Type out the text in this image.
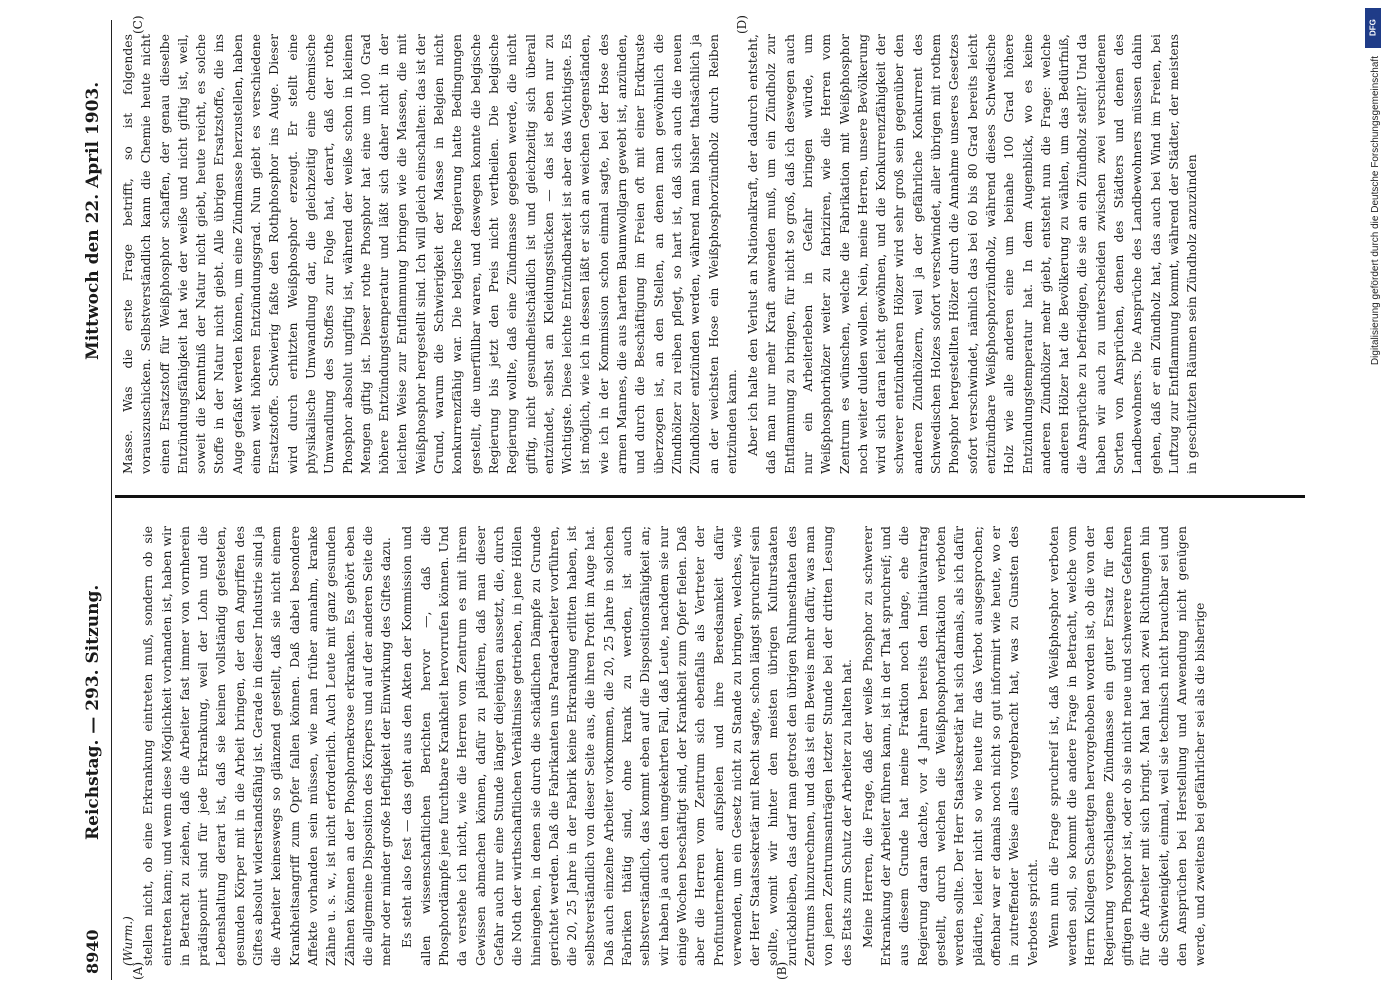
8940
Reichstag. — 293. Sitzung.
Mittwoch den 22. April 1903.
(A)	(B)
(C)	(D)
(Wurm.) stellen nicht, ob eine Erkrankung eintreten muß, sondern ob sie eintreten kann; und wenn diese Möglichkeit vorhanden ist, haben wir in Betracht zu ziehen, daß die Arbeiter fast immer von vornherein prädisponirt sind für jede Erkrankung, weil der Lohn und die Lebenshaltung derart ist, daß sie keinen vollständig gefesteten, gesunden Körper mit in die Arbeit bringen, der den Angriffen des Giftes absolut widerstandsfähig ist. Gerade in dieser Industrie sind ja die Arbeiter keineswegs so glänzend gestellt, daß sie nicht einem Krankheitsangriff zum Opfer fallen können. Daß dabei besondere Affekte vorhanden sein müssen, wie man früher annahm, kranke Zähne u. s. w., ist nicht erforderlich. Auch Leute mit ganz gesunden Zähnen können an der Phosphornekrose erkranken. Es gehört eben die allgemeine Disposition des Körpers und auf der anderen Seite die mehr oder minder große Heftigkeit der Einwirkung des Giftes dazu. Es steht also fest — das geht aus den Akten der Kommission und allen wissenschaftlichen Berichten hervor —, daß die Phosphordämpfe jene furchtbare Krankheit hervorrufen können. Und da verstehe ich nicht, wie die Herren vom Zentrum es mit ihrem Gewissen abmachen können, dafür zu plädiren, daß man dieser Gefahr auch nur eine Stunde länger diejenigen aussetzt, die, durch die Noth der wirthschaftlichen Verhältnisse getrieben, in jene Höllen hineingehen, in denen sie durch die schädlichen Dämpfe zu Grunde gerichtet werden. Daß die Fabrikanten uns Paradearbeiter vorführen, die 20, 25 Jahre in der Fabrik keine Erkrankung erlitten haben, ist selbstverständlich von dieser Seite aus, die ihren Profit im Auge hat. Daß auch einzelne Arbeiter vorkommen, die 20, 25 Jahre in solchen Fabriken thätig sind, ohne krank zu werden, ist auch selbstverständlich, das kommt eben auf die Dispositionsfähigkeit an; wir haben ja auch den umgekehrten Fall, daß Leute, nachdem sie nur einige Wochen beschäftigt sind, der Krankheit zum Opfer fielen. Daß aber die Herren vom Zentrum sich ebenfalls als Vertreter der Profitunternehmer aufspielen und ihre Beredsamkeit dafür verwenden, um ein Gesetz nicht zu Stande zu bringen, welches, wie der Herr Staatssekretär mit Recht sagte, schon längst spruchreif sein sollte, womit wir hinter den meisten übrigen Kulturstaaten zurückbleiben, das darf man getrost den übrigen Ruhmesthaten des Zentrums hinzurechnen, und das ist ein Beweis mehr dafür, was man von jenen Zentrumsanträgen letzter Stunde bei der dritten Lesung des Etats zum Schutz der Arbeiter zu halten hat. Meine Herren, die Frage, daß der weiße Phosphor zu schwerer Erkrankung der Arbeiter führen kann, ist in der That spruchreif; und aus diesem Grunde hat meine Fraktion noch lange, ehe die Regierung daran dachte, vor 4 Jahren bereits den Initiativantrag gestellt, durch welchen die Weißphosphorfabrikation verboten werden sollte. Der Herr Staatssekretär hat sich damals, als ich dafür plädirte, leider nicht so wie heute für das Verbot ausgesprochen; offenbar war er damals noch nicht so gut informirt wie heute, wo er in zutreffender Weise alles vorgebracht hat, was zu Gunsten des Verbotes spricht. Wenn nun die Frage spruchreif ist, daß Weißphosphor verboten werden soll, so kommt die andere Frage in Betracht, welche vom Herrn Kollegen Schaettgen hervorgehoben worden ist, ob die von der Regierung vorgeschlagene Zündmasse ein guter Ersatz für den giftigen Phosphor ist, oder ob sie nicht neue und schwerere Gefahren für die Arbeiter mit sich bringt. Man hat nach zwei Richtungen hin die Schwienigkeit, einmal, weil sie technisch nicht brauchbar sei und den Ansprüchen bei Herstellung und Anwendung nicht genügen werde, und zweitens bei gefährlicher sei als die bisherige

Masse. Was die erste Frage betrifft, so ist folgendes vorauszuschicken. Selbstverständlich kann die Chemie heute nicht einen Ersatzstoff für Weißphosphor schaffen, der genau dieselbe Entzündungsfähigkeit hat wie der weiße und nicht giftig ist, weil, soweit die Kenntniß der Natur nicht giebt, heute reicht, es solche Stoffe in der Natur nicht giebt. Alle übrigen Ersatzstoffe, die ins Auge gefaßt werden können, um eine Zündmasse herzustellen, haben einen weit höheren Entzündungsgrad. Nun giebt es verschiedene Ersatzstoffe. Schwierig faßte den Rothphosphor ins Auge. Dieser wird durch erhitzten Weißphosphor erzeugt. Er stellt eine physikalische Umwandlung dar, die gleichzeitig eine chemische Umwandlung des Stoffes zur Folge hat, derart, daß der rothe Phosphor absolut ungiftig ist, während der weiße schon in kleinen Mengen giftig ist. Dieser rothe Phosphor hat eine um 100 Grad höhere Entzündungstemperatur und läßt sich daher nicht in der leichten Weise zur Entflammung bringen wie die Massen, die mit Weißphosphor hergestellt sind. Ich will gleich einschalten: das ist der Grund, warum die Schwierigkeit der Masse in Belgien nicht konkurrenzfähig war. Die belgische Regierung hatte Bedingungen gestellt, die unerfüllbar waren, und deswegen konnte die belgische Regierung bis jetzt den Preis nicht vertheilen. Die belgische Regierung wollte, daß eine Zündmasse gegeben werde, die nicht giftig, nicht gesundheitschädlich ist und gleichzeitig sich überall entzündet, selbst an Kleidungsstücken — das ist eben nur zu Wichtigste. Diese leichte Entzündbarkeit ist aber das Wichtigste. Es ist möglich, wie ich in dessen läßt er sich an weichen Gegenständen, wie ich in der Kommission schon einmal sagte, bei der Hose des armen Mannes, die aus hartem Baumwollgarn gewebt ist, anzünden, und durch die Beschäftigung im Freien oft mit einer Erdkruste überzogen ist, an den Stellen, an denen man gewöhnlich die Zündhölzer zu reiben pflegt, so hart ist, daß sich auch die neuen Zündhölzer entzünden werden, während man bisher thatsächlich ja an der weichsten Hose ein Weißphosphorzündholz durch Reiben entzünden kann. Aber ich halte den Verlust an Nationalkraft, der dadurch entsteht, daß man nur mehr Kraft anwenden muß, um ein Zündholz zur Entflammung zu bringen, für nicht so groß, daß ich deswegen auch nur ein Arbeiterleben in Gefahr bringen würde, um Weißphosphorhölzer weiter zu fabriziren, wie die Herren vom Zentrum es wünschen, welche die Fabrikation mit Weißphosphor noch weiter dulden wollen. Nein, meine Herren, unsere Bevölkerung wird sich daran leicht gewöhnen, und die Konkurrenzfähigkeit der schwerer entzündbaren Hölzer wird sehr groß sein gegenüber den anderen Zündhölzern, weil ja der gefährliche Konkurrent des Schwedischen Holzes sofort verschwindet, aller übrigen mit rothem Phosphor hergestellten Hölzer durch die Annahme unseres Gesetzes sofort verschwindet, nämlich das bei 60 bis 80 Grad bereits leicht entzündbare Weißphosphorzündholz, während dieses Schwedische Holz wie alle anderen eine um beinahe 100 Grad höhere Entzündungstemperatur hat. In dem Augenblick, wo es keine anderen Zündhölzer mehr giebt, entsteht nun die Frage: welche anderen Hölzer hat die Bevölkerung zu wählen, um das Bedürfniß, die Ansprüche zu befriedigen, die sie an ein Zündholz stellt? Und da haben wir auch zu unterscheiden zwischen zwei verschiedenen Sorten von Ansprüchen, denen des Städters und denen des Landbewohners. Die Ansprüche des Landbewohners müssen dahin gehen, daß er ein Zündholz hat, das auch bei Wind im Freien, bei Luftzug zur Entflammung kommt, während der Städter, der meistens in geschützten Räumen sein Zündholz anzuzünden

DFG
Digitalisierung gefördert durch die Deutsche Forschungsgemeinschaft
